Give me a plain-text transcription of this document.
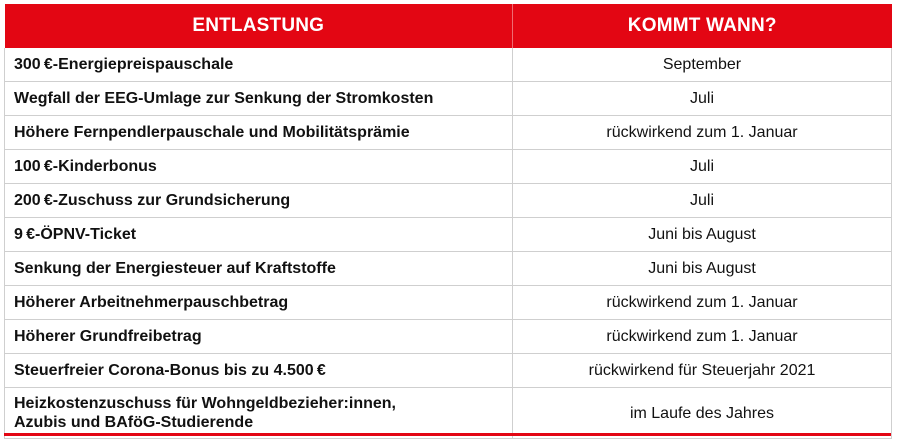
ENTLASTUNG	KOMMT WANN?
300 €-Energiepreispauschale	September
Wegfall der EEG-Umlage zur Senkung der Stromkosten	Juli
Höhere Fernpendlerpauschale und Mobilitätsprämie	rückwirkend zum 1. Januar
100 €-Kinderbonus	Juli
200 €-Zuschuss zur Grundsicherung	Juli
9 €-ÖPNV-Ticket	Juni bis August
Senkung der Energiesteuer auf Kraftstoffe	Juni bis August
Höherer Arbeitnehmerpauschbetrag	rückwirkend zum 1. Januar
Höherer Grundfreibetrag	rückwirkend zum 1. Januar
Steuerfreier Corona-Bonus bis zu 4.500 €	rückwirkend für Steuerjahr 2021
Heizkostenzuschuss für Wohngeldbezieher:innen,
Azubis und BAföG-Studierende	im Laufe des Jahres
